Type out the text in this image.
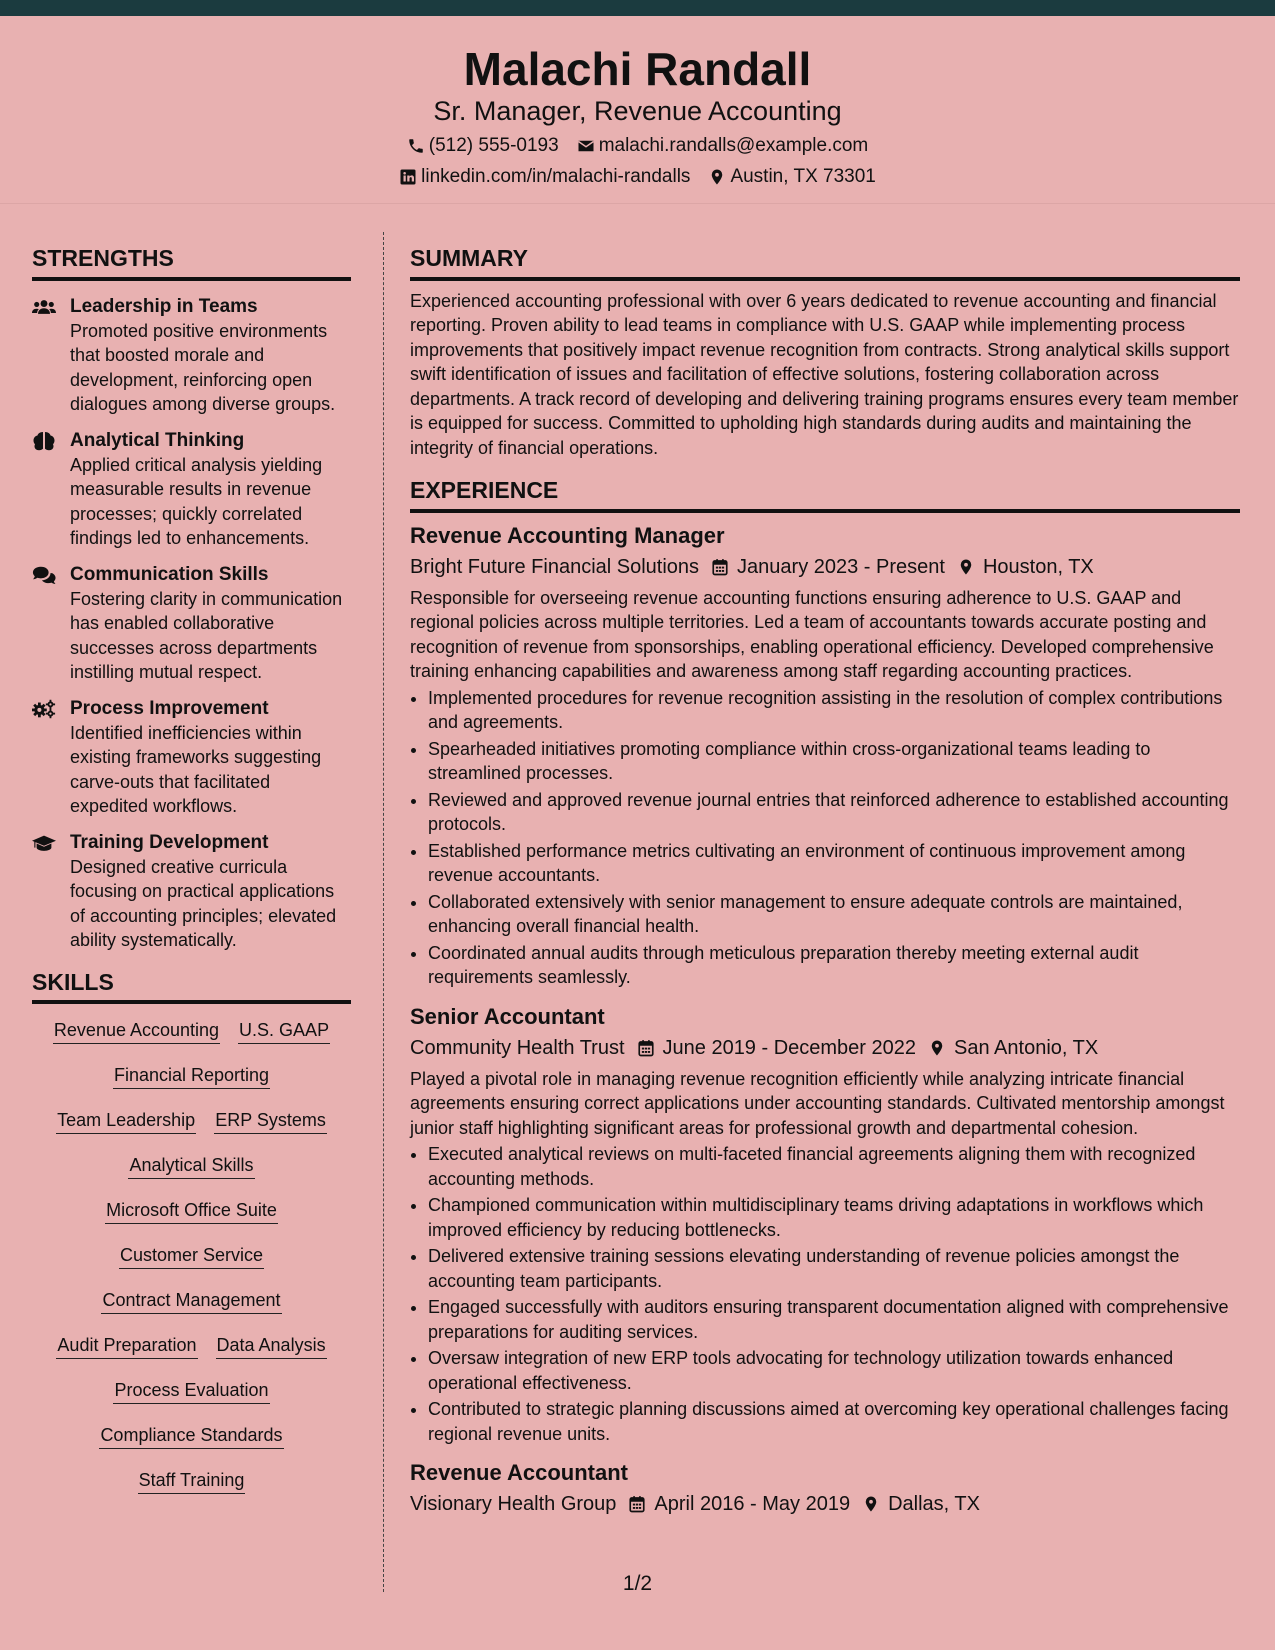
Malachi Randall
Sr. Manager, Revenue Accounting
(512) 555-0193 malachi.randalls@example.com
linkedin.com/in/malachi-randalls Austin, TX 73301
STRENGTHS
Leadership in Teams
Promoted positive environments that boosted morale and development, reinforcing open dialogues among diverse groups.
Analytical Thinking
Applied critical analysis yielding measurable results in revenue processes; quickly correlated findings led to enhancements.
Communication Skills
Fostering clarity in communication has enabled collaborative successes across departments instilling mutual respect.
Process Improvement
Identified inefficiencies within existing frameworks suggesting carve-outs that facilitated expedited workflows.
Training Development
Designed creative curricula focusing on practical applications of accounting principles; elevated ability systematically.
SKILLS
Revenue Accounting U.S. GAAP
Financial Reporting
Team Leadership ERP Systems
Analytical Skills
Microsoft Office Suite
Customer Service
Contract Management
Audit Preparation Data Analysis
Process Evaluation
Compliance Standards
Staff Training
SUMMARY
Experienced accounting professional with over 6 years dedicated to revenue accounting and financial reporting. Proven ability to lead teams in compliance with U.S. GAAP while implementing process improvements that positively impact revenue recognition from contracts. Strong analytical skills support swift identification of issues and facilitation of effective solutions, fostering collaboration across departments. A track record of developing and delivering training programs ensures every team member is equipped for success. Committed to upholding high standards during audits and maintaining the integrity of financial operations.
EXPERIENCE
Revenue Accounting Manager
Bright Future Financial Solutions January 2023 - Present Houston, TX
Responsible for overseeing revenue accounting functions ensuring adherence to U.S. GAAP and regional policies across multiple territories. Led a team of accountants towards accurate posting and recognition of revenue from sponsorships, enabling operational efficiency. Developed comprehensive training enhancing capabilities and awareness among staff regarding accounting practices.
• Implemented procedures for revenue recognition assisting in the resolution of complex contributions and agreements.
• Spearheaded initiatives promoting compliance within cross-organizational teams leading to streamlined processes.
• Reviewed and approved revenue journal entries that reinforced adherence to established accounting protocols.
• Established performance metrics cultivating an environment of continuous improvement among revenue accountants.
• Collaborated extensively with senior management to ensure adequate controls are maintained, enhancing overall financial health.
• Coordinated annual audits through meticulous preparation thereby meeting external audit requirements seamlessly.
Senior Accountant
Community Health Trust June 2019 - December 2022 San Antonio, TX
Played a pivotal role in managing revenue recognition efficiently while analyzing intricate financial agreements ensuring correct applications under accounting standards. Cultivated mentorship amongst junior staff highlighting significant areas for professional growth and departmental cohesion.
• Executed analytical reviews on multi-faceted financial agreements aligning them with recognized accounting methods.
• Championed communication within multidisciplinary teams driving adaptations in workflows which improved efficiency by reducing bottlenecks.
• Delivered extensive training sessions elevating understanding of revenue policies amongst the accounting team participants.
• Engaged successfully with auditors ensuring transparent documentation aligned with comprehensive preparations for auditing services.
• Oversaw integration of new ERP tools advocating for technology utilization towards enhanced operational effectiveness.
• Contributed to strategic planning discussions aimed at overcoming key operational challenges facing regional revenue units.
Revenue Accountant
Visionary Health Group April 2016 - May 2019 Dallas, TX
1/2
